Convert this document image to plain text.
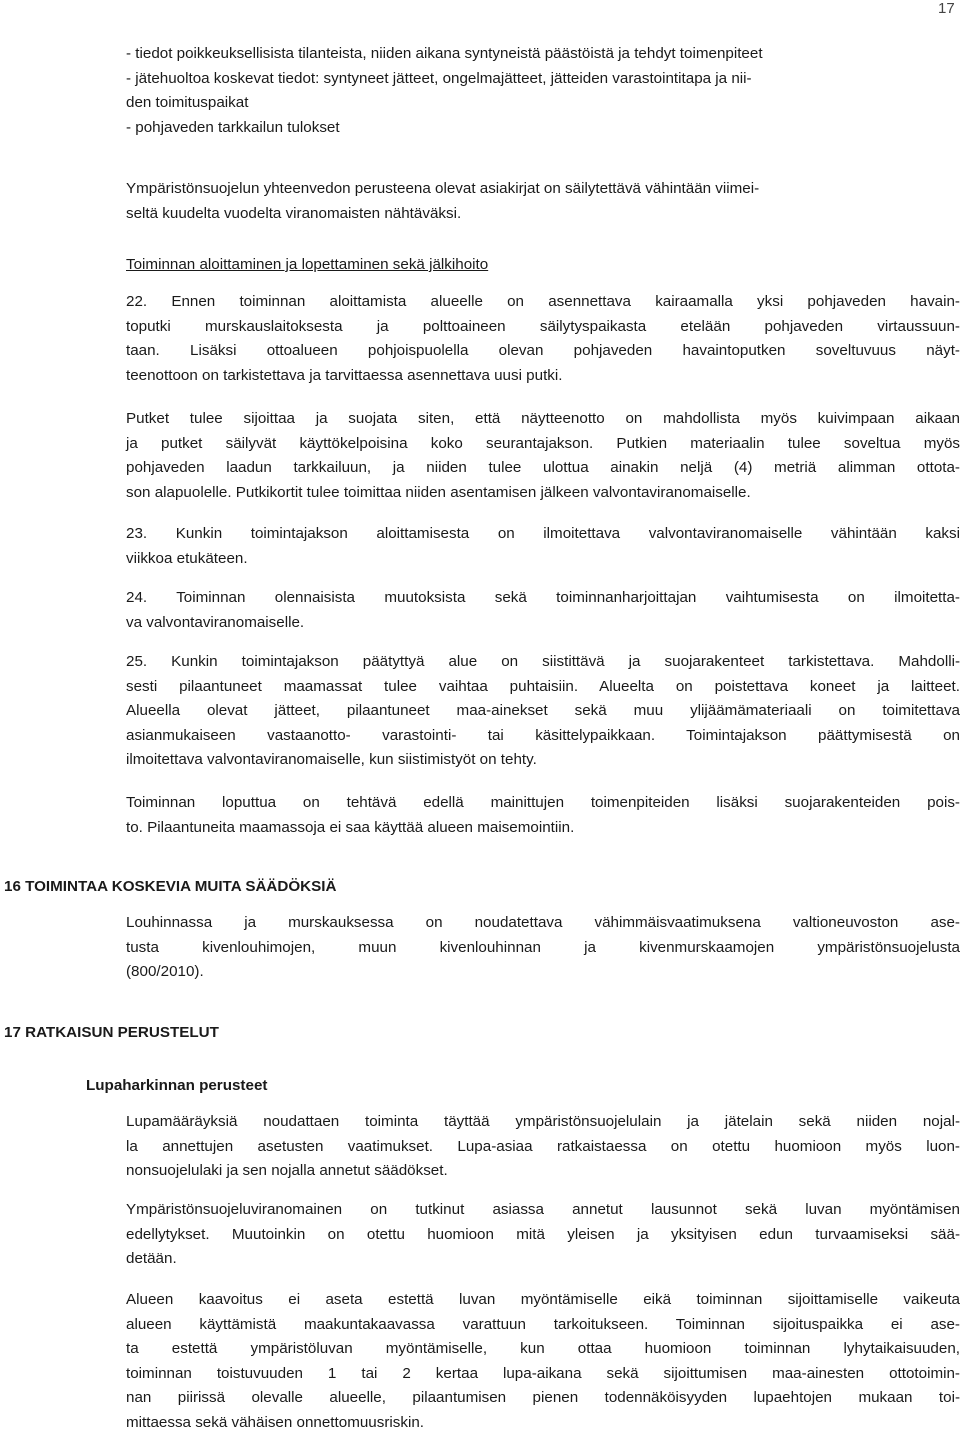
17
- tiedot poikkeuksellisista tilanteista, niiden aikana syntyneistä päästöistä ja tehdyt toimenpiteet
- jätehuoltoa koskevat tiedot: syntyneet jätteet, ongelmajätteet, jätteiden varastointitapa ja nii-
den toimituspaikat
- pohjaveden tarkkailun tulokset
Ympäristönsuojelun yhteenvedon perusteena olevat asiakirjat on säilytettävä vähintään viimei-
seltä kuudelta vuodelta viranomaisten nähtäväksi.

Toiminnan aloittaminen ja lopettaminen sekä jälkihoito

22. Ennen toiminnan aloittamista alueelle on asennettava kairaamalla yksi pohjaveden havain-
toputki murskauslaitoksesta ja polttoaineen säilytyspaikasta etelään pohjaveden virtaussuun-
taan. Lisäksi ottoalueen pohjoispuolella olevan pohjaveden havaintoputken soveltuvuus näyt-
teenottoon on tarkistettava ja tarvittaessa asennettava uusi putki.
Putket tulee sijoittaa ja suojata siten, että näytteenotto on mahdollista myös kuivimpaan aikaan
ja putket säilyvät käyttökelpoisina koko seurantajakson. Putkien materiaalin tulee soveltua myös
pohjaveden laadun tarkkailuun, ja niiden tulee ulottua ainakin neljä (4) metriä alimman ottota-
son alapuolelle. Putkikortit tulee toimittaa niiden asentamisen jälkeen valvontaviranomaiselle.
23. Kunkin toimintajakson aloittamisesta on ilmoitettava valvontaviranomaiselle vähintään kaksi
viikkoa etukäteen.
24. Toiminnan olennaisista muutoksista sekä toiminnanharjoittajan vaihtumisesta on ilmoitetta-
va valvontaviranomaiselle.
25. Kunkin toimintajakson päätyttyä alue on siistittävä ja suojarakenteet tarkistettava. Mahdolli-
sesti pilaantuneet maamassat tulee vaihtaa puhtaisiin. Alueelta on poistettava koneet ja laitteet.
Alueella olevat jätteet, pilaantuneet maa-ainekset sekä muu ylijäämämateriaali on toimitettava
asianmukaiseen vastaanotto- varastointi- tai käsittelypaikkaan. Toimintajakson päättymisestä on
ilmoitettava valvontaviranomaiselle, kun siistimistyöt on tehty.
Toiminnan loputtua on tehtävä edellä mainittujen toimenpiteiden lisäksi suojarakenteiden pois-
to. Pilaantuneita maamassoja ei saa käyttää alueen maisemointiin.

16 TOIMINTAA KOSKEVIA MUITA SÄÄDÖKSIÄ

Louhinnassa ja murskauksessa on noudatettava vähimmäisvaatimuksena valtioneuvoston ase-
tusta kivenlouhimojen, muun kivenlouhinnan ja kivenmurskaamojen ympäristönsuojelusta
(800/2010).

17 RATKAISUN PERUSTELUT

Lupaharkinnan perusteet

Lupamääräyksiä noudattaen toiminta täyttää ympäristönsuojelulain ja jätelain sekä niiden nojal-
la annettujen asetusten vaatimukset. Lupa-asiaa ratkaistaessa on otettu huomioon myös luon-
nonsuojelulaki ja sen nojalla annetut säädökset.
Ympäristönsuojeluviranomainen on tutkinut asiassa annetut lausunnot sekä luvan myöntämisen
edellytykset. Muutoinkin on otettu huomioon mitä yleisen ja yksityisen edun turvaamiseksi sää-
detään.
Alueen kaavoitus ei aseta estettä luvan myöntämiselle eikä toiminnan sijoittamiselle vaikeuta
alueen käyttämistä maakuntakaavassa varattuun tarkoitukseen. Toiminnan sijoituspaikka ei ase-
ta estettä ympäristöluvan myöntämiselle, kun ottaa huomioon toiminnan lyhytaikaisuuden,
toiminnan toistuvuuden 1 tai 2 kertaa lupa-aikana sekä sijoittumisen maa-ainesten ottotoimin-
nan piirissä olevalle alueelle, pilaantumisen pienen todennäköisyyden lupaehtojen mukaan toi-
mittaessa sekä vähäisen onnettomuusriskin.
